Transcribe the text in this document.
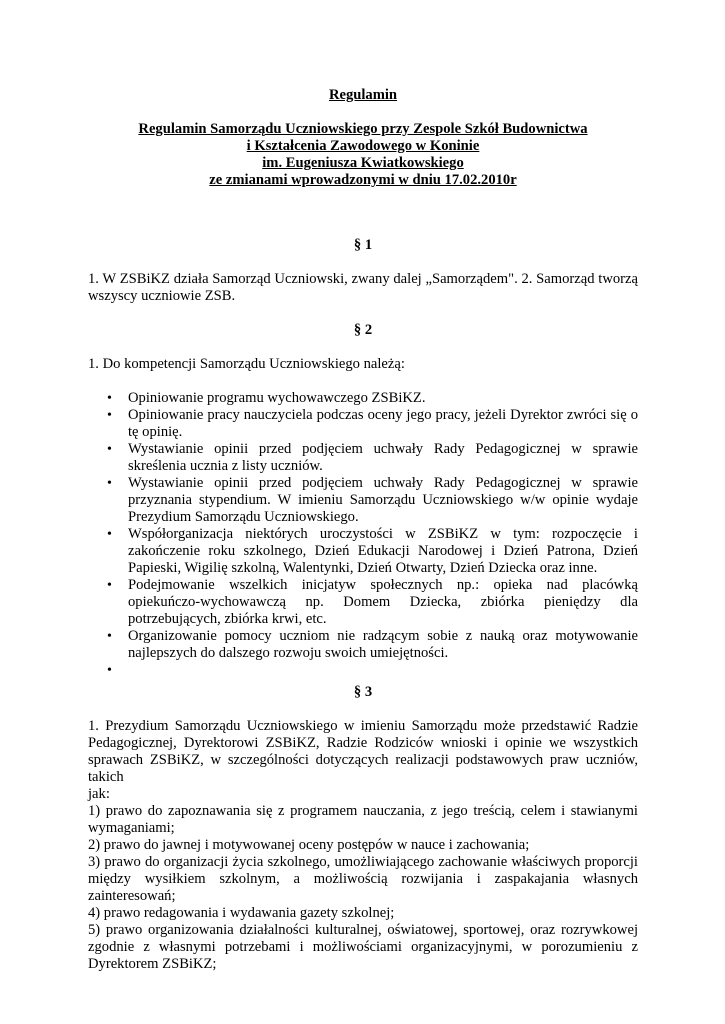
Regulamin
Regulamin Samorządu Uczniowskiego przy Zespole Szkół Budownictwa
i Kształcenia Zawodowego w Koninie
im. Eugeniusza Kwiatkowskiego
ze zmianami wprowadzonymi w dniu 17.02.2010r
§ 1
1. W ZSBiKZ działa Samorząd Uczniowski, zwany dalej „Samorządem". 2. Samorząd tworzą wszyscy uczniowie ZSB.
§ 2
1. Do kompetencji Samorządu Uczniowskiego należą:
• Opiniowanie programu wychowawczego ZSBiKZ.
• Opiniowanie pracy nauczyciela podczas oceny jego pracy, jeżeli Dyrektor zwróci się o tę opinię.
• Wystawianie opinii przed podjęciem uchwały Rady Pedagogicznej w sprawie skreślenia ucznia z listy uczniów.
• Wystawianie opinii przed podjęciem uchwały Rady Pedagogicznej w sprawie przyznania stypendium. W imieniu Samorządu Uczniowskiego w/w opinie wydaje Prezydium Samorządu Uczniowskiego.
• Współorganizacja niektórych uroczystości w ZSBiKZ w tym: rozpoczęcie i zakończenie roku szkolnego, Dzień Edukacji Narodowej i Dzień Patrona, Dzień Papieski, Wigilię szkolną, Walentynki, Dzień Otwarty, Dzień Dziecka oraz inne.
• Podejmowanie wszelkich inicjatyw społecznych np.: opieka nad placówką opiekuńczo-wychowawczą np. Domem Dziecka, zbiórka pieniędzy dla potrzebujących, zbiórka krwi, etc.
• Organizowanie pomocy uczniom nie radzącym sobie z nauką oraz motywowanie najlepszych do dalszego rozwoju swoich umiejętności.
•
§ 3
1. Prezydium Samorządu Uczniowskiego w imieniu Samorządu może przedstawić Radzie Pedagogicznej, Dyrektorowi ZSBiKZ, Radzie Rodziców wnioski i opinie we wszystkich sprawach ZSBiKZ, w szczególności dotyczących realizacji podstawowych praw uczniów, takich
jak:
1) prawo do zapoznawania się z programem nauczania, z jego treścią, celem i stawianymi wymaganiami;
2) prawo do jawnej i motywowanej oceny postępów w nauce i zachowania;
3) prawo do organizacji życia szkolnego, umożliwiającego zachowanie właściwych proporcji między wysiłkiem szkolnym, a możliwością rozwijania i zaspakajania własnych zainteresowań;
4) prawo redagowania i wydawania gazety szkolnej;
5) prawo organizowania działalności kulturalnej, oświatowej, sportowej, oraz rozrywkowej zgodnie z własnymi potrzebami i możliwościami organizacyjnymi, w porozumieniu z Dyrektorem ZSBiKZ;
